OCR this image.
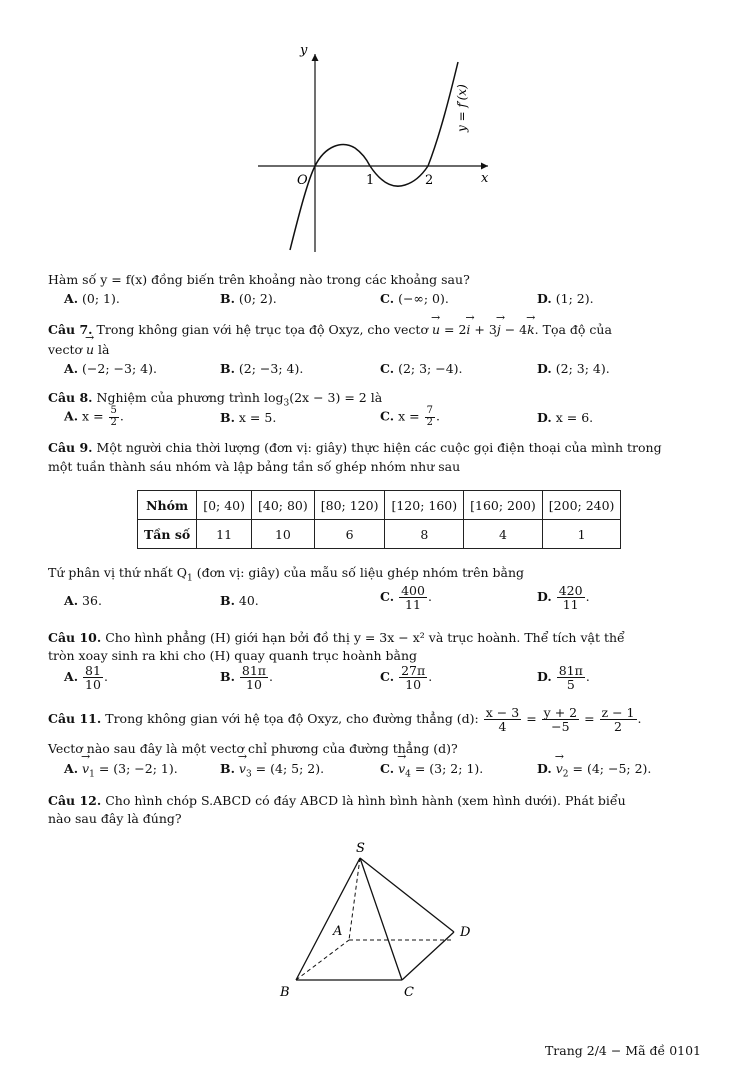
y
x
O	1	2
y = f′(x)
Hàm số y = f(x) đồng biến trên khoảng nào trong các khoảng sau?
A. (0; 1).	B. (0; 2).	C. (−∞; 0).	D. (1; 2).
Câu 7. Trong không gian với hệ trục tọa độ Oxyz, cho vectơ → u = 2→ i + 3→ j − 4→ k. Tọa độ của
vectơ → u là
A. (−2; −3; 4).	B. (2; −3; 4).	C. (2; 3; −4).	D. (2; 3; 4).
Câu 8. Nghiệm của phương trình $\log_3(2x - 3) = 2$ là
A. $x = \frac{5}{2}$ .	B. x = 5.	C. $x = \frac{7}{2}$ .	D. x = 6.
Câu 9. Một người chia thời lượng (đơn vị: giây) thực hiện các cuộc gọi điện thoại của mình trong
một tuần thành sáu nhóm và lập bảng tần số ghép nhóm như sau
Nhóm	[0; 40)	[40; 80)	[80; 120)	[120; 160)	[160; 200)	[200; 240)
Tần số	11	10	6	8	4	1
Tứ phân vị thứ nhất $Q_1$ (đơn vị: giây) của mẫu số liệu ghép nhóm trên bằng
A. 36.	B. 40.	C. $\frac{400}{11}$ .	D. $\frac{420}{11}$ .
Câu 10. Cho hình phẳng (H) giới hạn bởi đồ thị y = 3x − x² và trục hoành. Thể tích vật thể
tròn xoay sinh ra khi cho (H) quay quanh trục hoành bằng
A. $\frac{81}{10}$ .	B. $\frac{81\pi}{10}$ .	C. $\frac{27\pi}{10}$ .	D. $\frac{81\pi}{5}$ .
Câu 11. Trong không gian với hệ tọa độ Oxyz, cho đường thẳng (d): $\frac{x - 3}{4} = \frac{y + 2}{-5} = \frac{z - 1}{2}$ .
Vectơ nào sau đây là một vectơ chỉ phương của đường thẳng (d)?
A. → $v_1 = (3$; −2; 1).	B. → $v_3 = (4$; 5; 2).	C. → $v_4 = (3$; 2; 1).	D. → $v_2 = (4$; −5; 2).
Câu 12. Cho hình chóp S.ABCD có đáy ABCD là hình bình hành (xem hình dưới). Phát biểu
nào sau đây là đúng?
S
A
B	C
D
Trang 2/4 − Mã đề 0101
